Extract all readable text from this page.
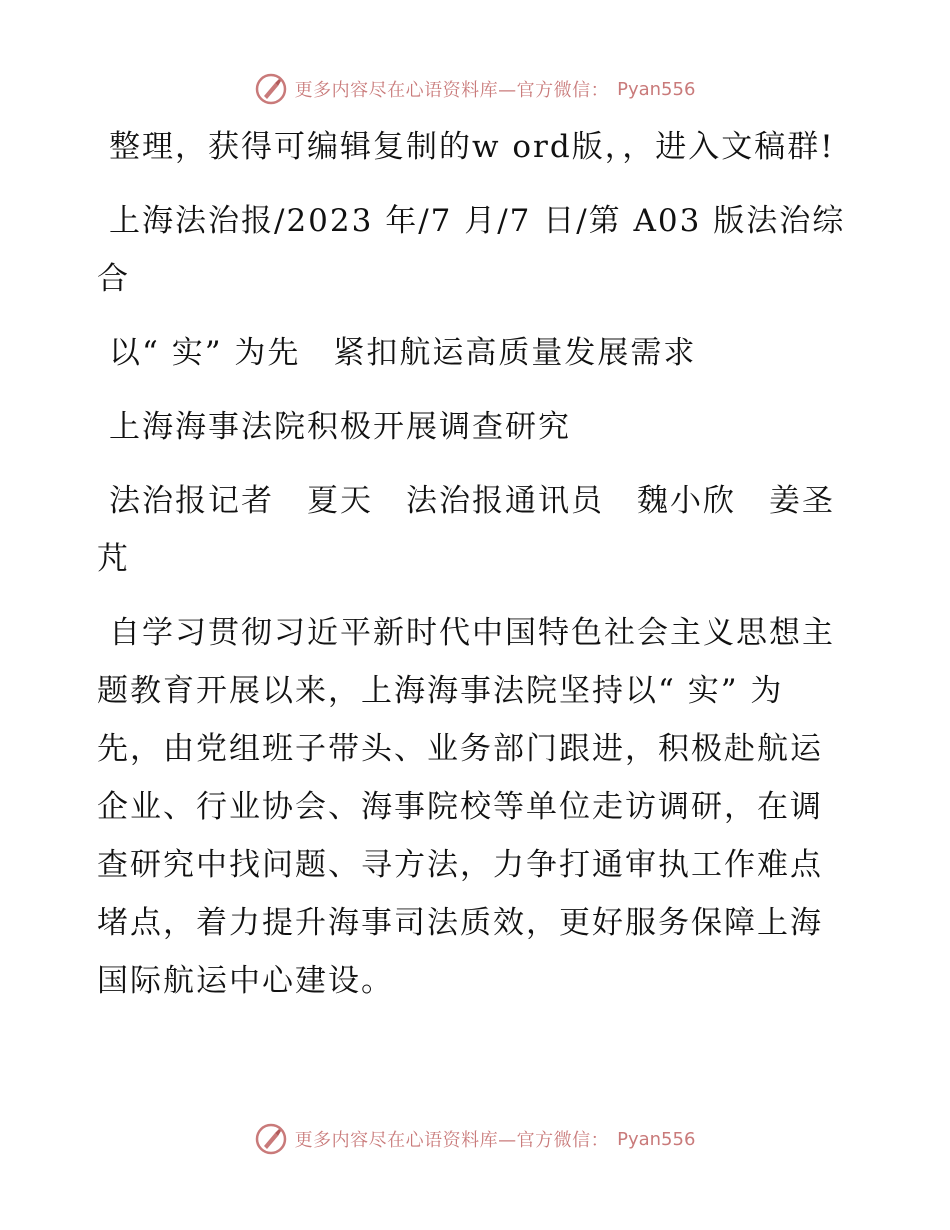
更多内容尽在心语资料库—官方微信： Pyan556

整理，获得可编辑复制的w ord版，，进入文稿群!

上海法治报/2023 年/7 月/7 日/第 A03 版法治综合

以“ 实” 为先　紧扣航运高质量发展需求

上海海事法院积极开展调查研究

法治报记者　夏天　法治报通讯员　魏小欣　姜圣芃

自学习贯彻习近平新时代中国特色社会主义思想主题教育开展以来，上海海事法院坚持以“ 实” 为先，由党组班子带头、业务部门跟进，积极赴航运企业、行业协会、海事院校等单位走访调研，在调查研究中找问题、寻方法，力争打通审执工作难点堵点，着力提升海事司法质效，更好服务保障上海国际航运中心建设。

更多内容尽在心语资料库—官方微信： Pyan556
